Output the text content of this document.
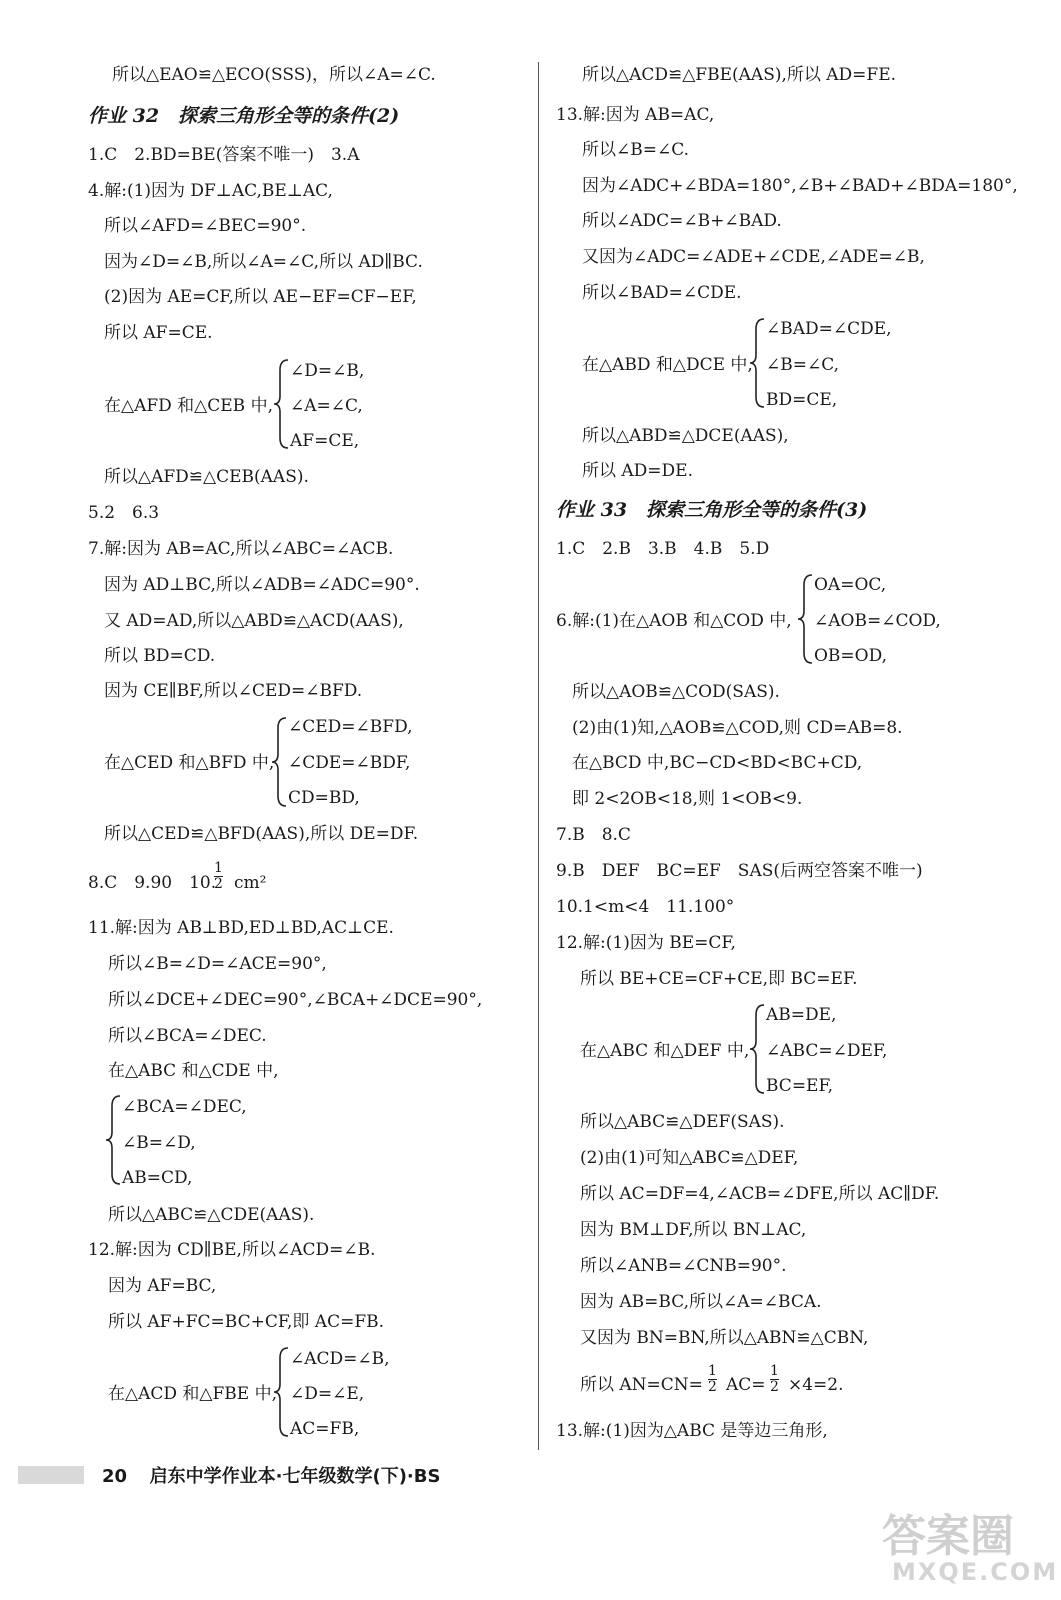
所以△EAO≌△ECO(SSS)，所以∠A=∠C.
作业 32　探索三角形全等的条件(2)
1.C　2.BD=BE(答案不唯一)　3.A
4.解:(1)因为 DF⊥AC,BE⊥AC,
所以∠AFD=∠BEC=90°.
因为∠D=∠B,所以∠A=∠C,所以 AD∥BC.
(2)因为 AE=CF,所以 AE−EF=CF−EF,
所以 AF=CE.
∠D=∠B,
在△AFD 和△CEB 中, ∠A=∠C,
AF=CE,
所以△AFD≌△CEB(AAS).
5.2　6.3
7.解:因为 AB=AC,所以∠ABC=∠ACB.
因为 AD⊥BC,所以∠ADB=∠ADC=90°.
又 AD=AD,所以△ABD≌△ACD(AAS),
所以 BD=CD.
因为 CE∥BF,所以∠CED=∠BFD.
∠CED=∠BFD,
在△CED 和△BFD 中, ∠CDE=∠BDF,
CD=BD,
所以△CED≌△BFD(AAS),所以 DE=DF.
8.C　9.90　10.
$\frac{1}{2} cm^2$
11.解:因为 AB⊥BD,ED⊥BD,AC⊥CE.
所以∠B=∠D=∠ACE=90°,
所以∠DCE+∠DEC=90°,∠BCA+∠DCE=90°,
所以∠BCA=∠DEC.
在△ABC 和△CDE 中,
∠BCA=∠DEC,
∠B=∠D,
AB=CD,
所以△ABC≌△CDE(AAS).
12.解:因为 CD∥BE,所以∠ACD=∠B.
因为 AF=BC,
所以 AF+FC=BC+CF,即 AC=FB.
∠ACD=∠B,
在△ACD 和△FBE 中, ∠D=∠E,
AC=FB,
所以△ACD≌△FBE(AAS),所以 AD=FE.
13.解:因为 AB=AC,
所以∠B=∠C.
因为∠ADC+∠BDA=180°,∠B+∠BAD+∠BDA=180°,
所以∠ADC=∠B+∠BAD.
又因为∠ADC=∠ADE+∠CDE,∠ADE=∠B,
所以∠BAD=∠CDE.
∠BAD=∠CDE,
在△ABD 和△DCE 中, ∠B=∠C,
BD=CE,
所以△ABD≌△DCE(AAS),
所以 AD=DE.
作业 33　探索三角形全等的条件(3)
1.C　2.B　3.B　4.B　5.D
OA=OC,
6.解:(1)在△AOB 和△COD 中, ∠AOB=∠COD,
OB=OD,
所以△AOB≌△COD(SAS).
(2)由(1)知,△AOB≌△COD,则 CD=AB=8.
在△BCD 中,BC−CD<BD<BC+CD,
即 2<2OB<18,则 1<OB<9.
7.B　8.C
9.B　DEF　BC=EF　SAS(后两空答案不唯一)
10.1<m<4　11.100°
12.解:(1)因为 BE=CF,
所以 BE+CE=CF+CE,即 BC=EF.
AB=DE,
在△ABC 和△DEF 中, ∠ABC=∠DEF,
BC=EF,
所以△ABC≌△DEF(SAS).
(2)由(1)可知△ABC≌△DEF,
所以 AC=DF=4,∠ACB=∠DFE,所以 AC∥DF.
因为 BM⊥DF,所以 BN⊥AC,
所以∠ANB=∠CNB=90°.
因为 AB=BC,所以∠A=∠BCA.
又因为 BN=BN,所以△ABN≌△CBN,
所以 $AN=CN= \frac{1}{2} AC= \frac{1}{2} \times 4=2$.
13.解:(1)因为△ABC 是等边三角形,
20 启东中学作业本·七年级数学(下)·BS
答案圈
MXQE.COM
